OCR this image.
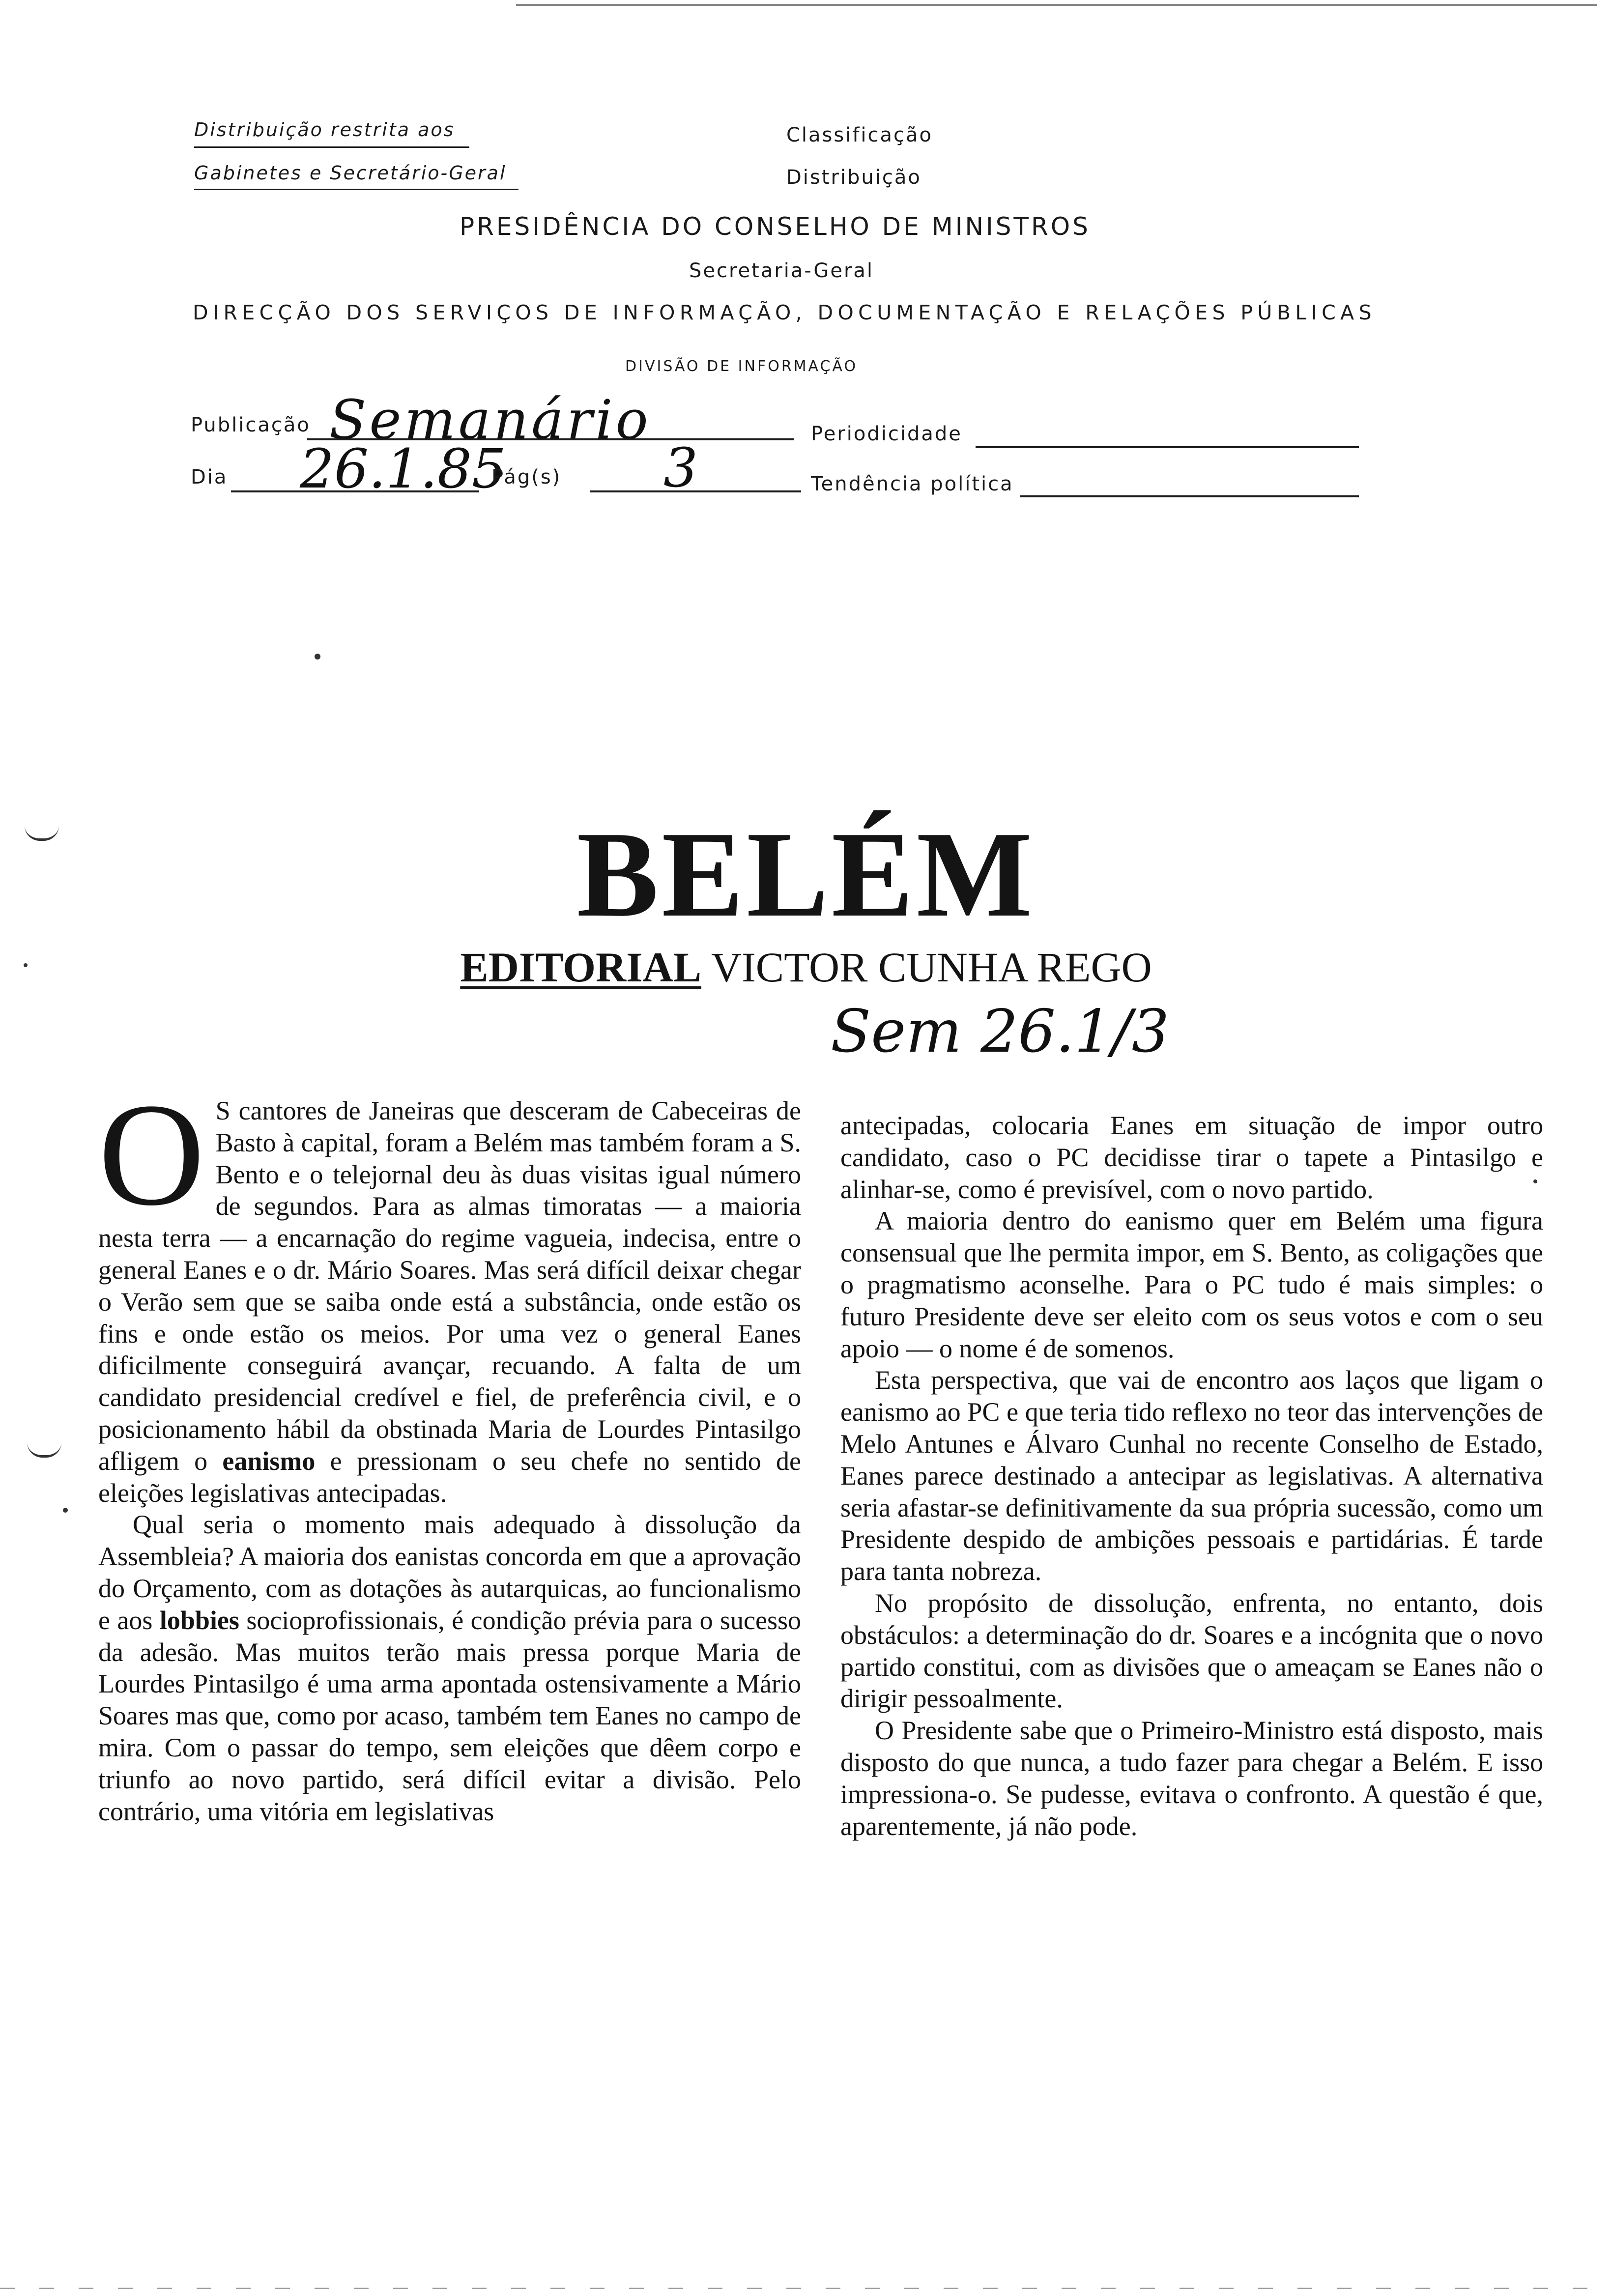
Distribuição restrita aos
Gabinetes e Secretário-Geral
Classificação
Distribuição
PRESIDÊNCIA DO CONSELHO DE MINISTROS
Secretaria-Geral
DIRECÇÃO DOS SERVIÇOS DE INFORMAÇÃO, DOCUMENTAÇÃO E RELAÇÕES PÚBLICAS
DIVISÃO DE INFORMAÇÃO
Publicação Semanário	Periodicidade
Dia 26.1.85
Pág(s) 3	Tendência política
BELÉM
EDITORIAL VICTOR CUNHA REGO
Sem 26.1/3

O S cantores de Janeiras que desceram de Cabeceiras de Basto à capital, foram a Belém mas também foram a S. Bento e o telejornal deu às duas visitas igual número de segundos. Para as almas timoratas — a maioria nesta terra — a encarnação do regime vagueia, indecisa, entre o general Eanes e o dr. Mário Soares. Mas será difícil deixar chegar o Verão sem que se saiba onde está a substância, onde estão os fins e onde estão os meios. Por uma vez o general Eanes dificilmente conseguirá avançar, recuando. A falta de um candidato presidencial credível e fiel, de preferência civil, e o posicionamento hábil da obstinada Maria de Lourdes Pintasilgo afligem o eanismo e pressionam o seu chefe no sentido de eleições legislativas antecipadas.

Qual seria o momento mais adequado à dissolução da Assembleia? A maioria dos eanistas concorda em que a aprovação do Orçamento, com as dotações às autarquicas, ao funcionalismo e aos lobbies socioprofissionais, é condição prévia para o sucesso da adesão. Mas muitos terão mais pressa porque Maria de Lourdes Pintasilgo é uma arma apontada ostensivamente a Mário Soares mas que, como por acaso, também tem Eanes no campo de mira. Com o passar do tempo, sem eleições que dêem corpo e triunfo ao novo partido, será difícil evitar a divisão. Pelo contrário, uma vitória em legislativas

antecipadas, colocaria Eanes em situação de impor outro candidato, caso o PC decidisse tirar o tapete a Pintasilgo e alinhar-se, como é previsível, com o novo partido.

A maioria dentro do eanismo quer em Belém uma figura consensual que lhe permita impor, em S. Bento, as coligações que o pragmatismo aconselhe. Para o PC tudo é mais simples: o futuro Presidente deve ser eleito com os seus votos e com o seu apoio — o nome é de somenos.

Esta perspectiva, que vai de encontro aos laços que ligam o eanismo ao PC e que teria tido reflexo no teor das intervenções de Melo Antunes e Álvaro Cunhal no recente Conselho de Estado, Eanes parece destinado a antecipar as legislativas. A alternativa seria afastar-se definitivamente da sua própria sucessão, como um Presidente despido de ambições pessoais e partidárias. É tarde para tanta nobreza.

No propósito de dissolução, enfrenta, no entanto, dois obstáculos: a determinação do dr. Soares e a incógnita que o novo partido constitui, com as divisões que o ameaçam se Eanes não o dirigir pessoalmente.

O Presidente sabe que o Primeiro-Ministro está disposto, mais disposto do que nunca, a tudo fazer para chegar a Belém. E isso impressiona-o. Se pudesse, evitava o confronto. A questão é que, aparentemente, já não pode.
